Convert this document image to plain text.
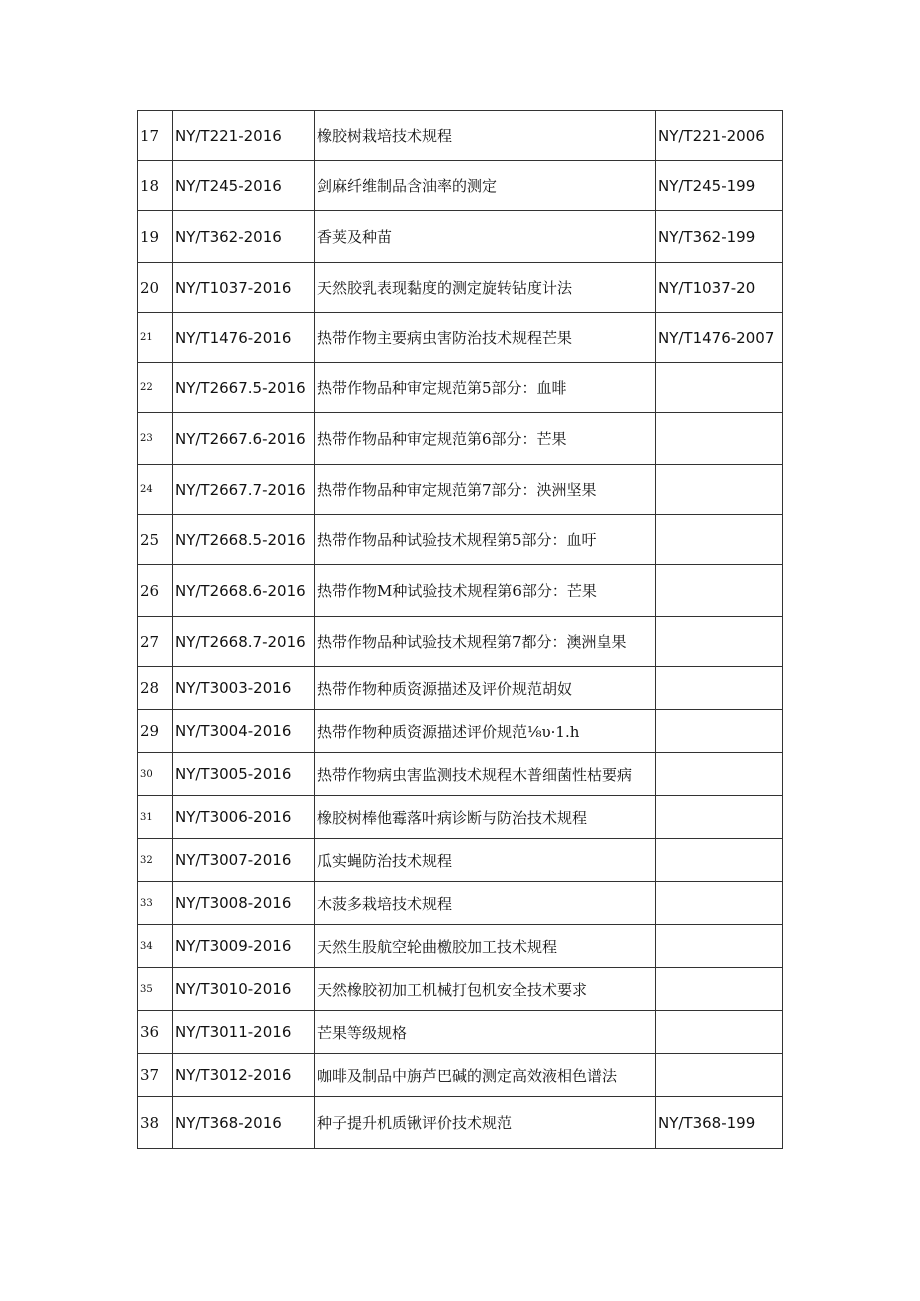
17	NY/T221-2016	橡胶树栽培技术规程	NY/T221-2006
18	NY/T245-2016	剑麻纤维制品含油率的测定	NY/T245-199
19	NY/T362-2016	香荚及种苗	NY/T362-199
20	NY/T1037-2016	天然胶乳表现黏度的测定旋转钻度计法	NY/T1037-20
21	NY/T1476-2016	热带作物主要病虫害防治技术规程芒果	NY/T1476-2007
22	NY/T2667.5-2016	热带作物品种审定规范第5部分：血啡	
23	NY/T2667.6-2016	热带作物品种审定规范第6部分：芒果	
24	NY/T2667.7-2016	热带作物品种审定规范第7部分：泱洲坚果	
25	NY/T2668.5-2016	热带作物品种试验技术规程第5部分：血吁	
26	NY/T2668.6-2016	热带作物M种试验技术规程第6部分：芒果	
27	NY/T2668.7-2016	热带作物品种试验技术规程第7都分：澳洲皇果	
28	NY/T3003-2016	热带作物种质资源描述及评价规范胡奴	
29	NY/T3004-2016	热带作物种质资源描述评价规范⅛υ·1.h	
30	NY/T3005-2016	热带作物病虫害监测技术规程木普细菌性枯要病	
31	NY/T3006-2016	橡胶树棒他霉落叶病诊断与防治技术规程	
32	NY/T3007-2016	瓜实蝇防治技术规程	
33	NY/T3008-2016	木菠多栽培技术规程	
34	NY/T3009-2016	天然生股航空轮曲檄胶加工技术规程	
35	NY/T3010-2016	天然橡胶初加工机械打包机安全技术要求	
36	NY/T3011-2016	芒果等级规格	
37	NY/T3012-2016	咖啡及制品中旃芦巴碱的测定高效液相色谱法	
38	NY/T368-2016	种子提升机质锹评价技术规范	NY/T368-199
